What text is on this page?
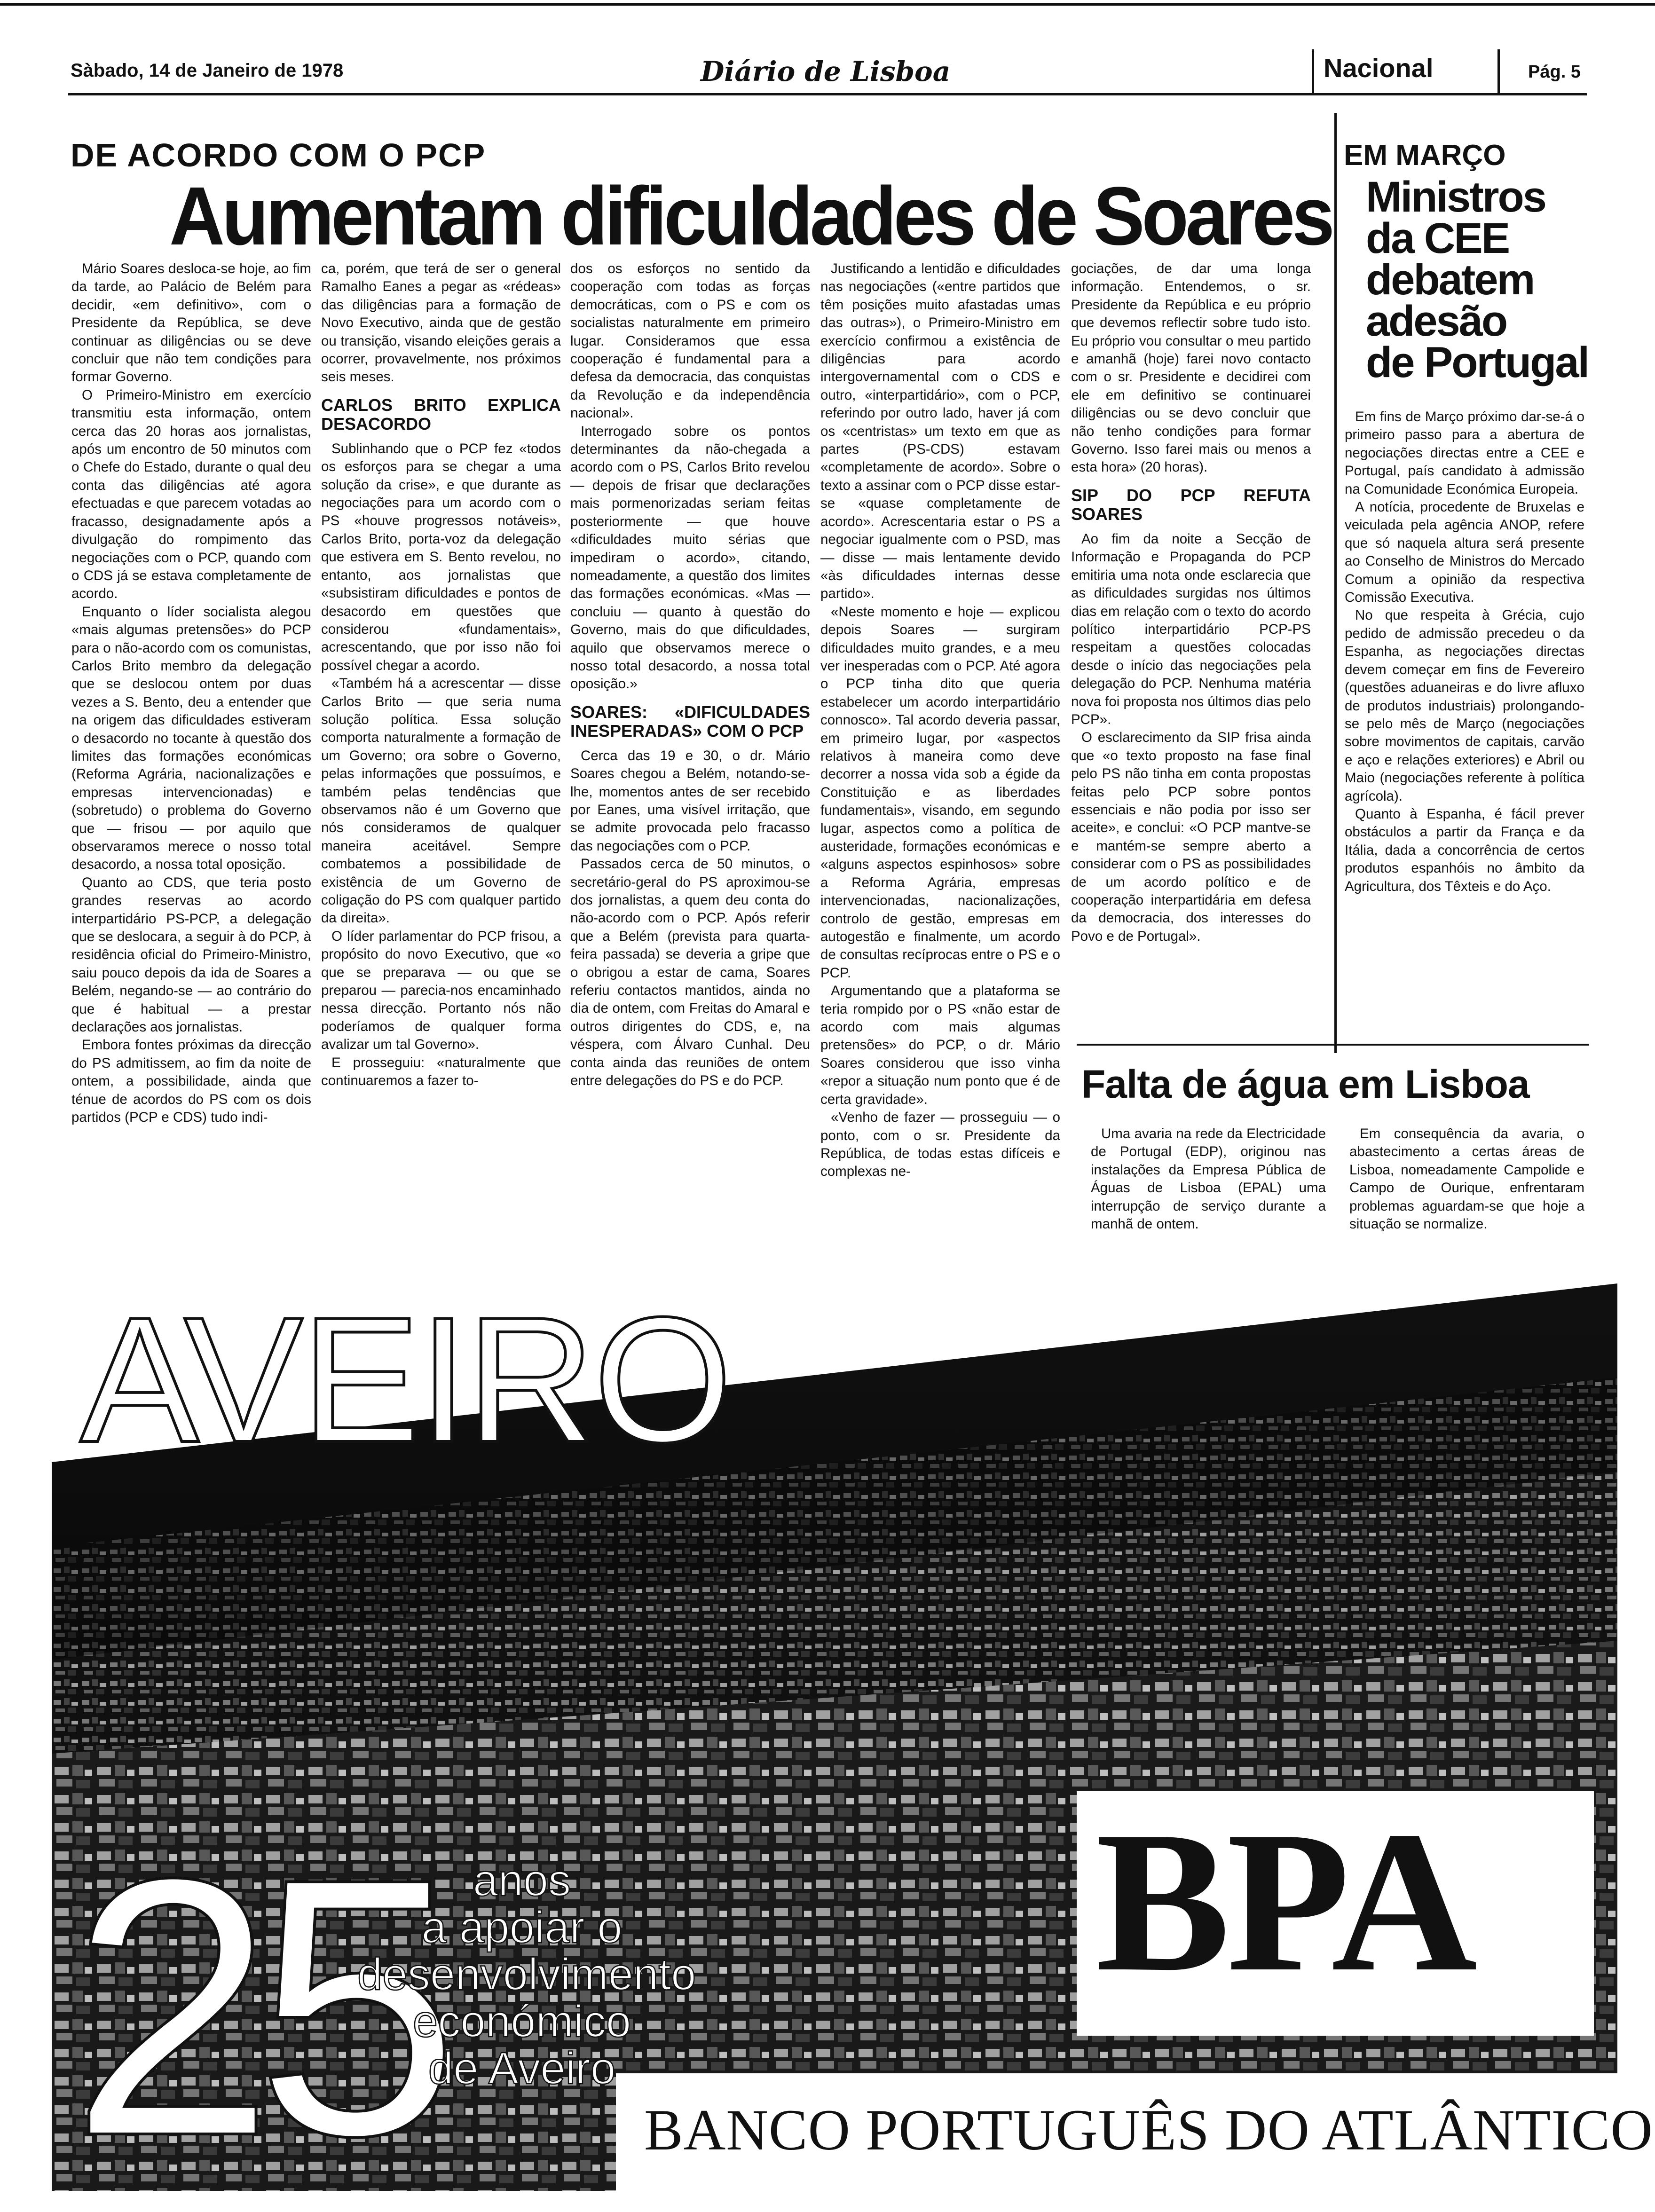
Sàbado, 14 de Janeiro de 1978	Diário de Lisboa	Nacional	Pág. 5
DE ACORDO COM O PCP
Aumentam dificuldades de Soares

Mário Soares desloca-se hoje, ao fim da tarde, ao Palácio de Belém para decidir, «em definitivo», com o Presidente da República, se deve continuar as diligências ou se deve concluir que não tem condições para formar Governo.

O Primeiro-Ministro em exercício transmitiu esta informação, ontem cerca das 20 horas aos jornalistas, após um encontro de 50 minutos com o Chefe do Estado, durante o qual deu conta das diligências até agora efectuadas e que parecem votadas ao fracasso, designadamente após a divulgação do rompimento das negociações com o PCP, quando com o CDS já se estava completamente de acordo.

Enquanto o líder socialista alegou «mais algumas pretensões» do PCP para o não-acordo com os comunistas, Carlos Brito membro da delegação que se deslocou ontem por duas vezes a S. Bento, deu a entender que na origem das dificuldades estiveram o desacordo no tocante à questão dos limites das formações económicas (Reforma Agrária, nacionalizações e empresas intervencionadas) e (sobretudo) o problema do Governo que — frisou — por aquilo que observaramos merece o nosso total desacordo, a nossa total oposição.

Quanto ao CDS, que teria posto grandes reservas ao acordo interpartidário PS-PCP, a delegação que se deslocara, a seguir à do PCP, à residência oficial do Primeiro-Ministro, saiu pouco depois da ida de Soares a Belém, negando-se — ao contrário do que é habitual — a prestar declarações aos jornalistas.

Embora fontes próximas da direcção do PS admitissem, ao fim da noite de ontem, a possibilidade, ainda que ténue de acordos do PS com os dois partidos (PCP e CDS) tudo indi-

ca, porém, que terá de ser o general Ramalho Eanes a pegar as «rédeas» das diligências para a formação de Novo Executivo, ainda que de gestão ou transição, visando eleições gerais a ocorrer, provavelmente, nos próximos seis meses.

CARLOS BRITO EXPLICA DESACORDO

Sublinhando que o PCP fez «todos os esforços para se chegar a uma solução da crise», e que durante as negociações para um acordo com o PS «houve progressos notáveis», Carlos Brito, porta-voz da delegação que estivera em S. Bento revelou, no entanto, aos jornalistas que «subsistiram dificuldades e pontos de desacordo em questões que considerou «fundamentais», acrescentando, que por isso não foi possível chegar a acordo.

«Também há a acrescentar — disse Carlos Brito — que seria numa solução política. Essa solução comporta naturalmente a formação de um Governo; ora sobre o Governo, pelas informações que possuímos, e também pelas tendências que observamos não é um Governo que nós consideramos de qualquer maneira aceitável. Sempre combatemos a possibilidade de existência de um Governo de coligação do PS com qualquer partido da direita».

O líder parlamentar do PCP frisou, a propósito do novo Executivo, que «o que se preparava — ou que se preparou — parecia-nos encaminhado nessa direcção. Portanto nós não poderíamos de qualquer forma avalizar um tal Governo».

E prosseguiu: «naturalmente que continuaremos a fazer to-

dos os esforços no sentido da cooperação com todas as forças democráticas, com o PS e com os socialistas naturalmente em primeiro lugar. Consideramos que essa cooperação é fundamental para a defesa da democracia, das conquistas da Revolução e da independência nacional».

Interrogado sobre os pontos determinantes da não-chegada a acordo com o PS, Carlos Brito revelou — depois de frisar que declarações mais pormenorizadas seriam feitas posteriormente — que houve «dificuldades muito sérias que impediram o acordo», citando, nomeadamente, a questão dos limites das formações económicas. «Mas — concluiu — quanto à questão do Governo, mais do que dificuldades, aquilo que observamos merece o nosso total desacordo, a nossa total oposição.»

SOARES: «DIFICULDADES INESPERADAS» COM O PCP

Cerca das 19 e 30, o dr. Mário Soares chegou a Belém, notando-se-lhe, momentos antes de ser recebido por Eanes, uma visível irritação, que se admite provocada pelo fracasso das negociações com o PCP.

Passados cerca de 50 minutos, o secretário-geral do PS aproximou-se dos jornalistas, a quem deu conta do não-acordo com o PCP. Após referir que a Belém (prevista para quarta-feira passada) se deveria a gripe que o obrigou a estar de cama, Soares referiu contactos mantidos, ainda no dia de ontem, com Freitas do Amaral e outros dirigentes do CDS, e, na véspera, com Álvaro Cunhal. Deu conta ainda das reuniões de ontem entre delegações do PS e do PCP.

Justificando a lentidão e dificuldades nas negociações («entre partidos que têm posições muito afastadas umas das outras»), o Primeiro-Ministro em exercício confirmou a existência de diligências para acordo intergovernamental com o CDS e outro, «interpartidário», com o PCP, referindo por outro lado, haver já com os «centristas» um texto em que as partes (PS-CDS) estavam «completamente de acordo». Sobre o texto a assinar com o PCP disse estar-se «quase completamente de acordo». Acrescentaria estar o PS a negociar igualmente com o PSD, mas — disse — mais lentamente devido «às dificuldades internas desse partido».

«Neste momento e hoje — explicou depois Soares — surgiram dificuldades muito grandes, e a meu ver inesperadas com o PCP. Até agora o PCP tinha dito que queria estabelecer um acordo interpartidário connosco». Tal acordo deveria passar, em primeiro lugar, por «aspectos relativos à maneira como deve decorrer a nossa vida sob a égide da Constituição e as liberdades fundamentais», visando, em segundo lugar, aspectos como a política de austeridade, formações económicas e «alguns aspectos espinhosos» sobre a Reforma Agrária, empresas intervencionadas, nacionalizações, controlo de gestão, empresas em autogestão e finalmente, um acordo de consultas recíprocas entre o PS e o PCP.

Argumentando que a plataforma se teria rompido por o PS «não estar de acordo com mais algumas pretensões» do PCP, o dr. Mário Soares considerou que isso vinha «repor a situação num ponto que é de certa gravidade».

«Venho de fazer — prosseguiu — o ponto, com o sr. Presidente da República, de todas estas difíceis e complexas ne-

gociações, de dar uma longa informação. Entendemos, o sr. Presidente da República e eu próprio que devemos reflectir sobre tudo isto. Eu próprio vou consultar o meu partido e amanhã (hoje) farei novo contacto com o sr. Presidente e decidirei com ele em definitivo se continuarei diligências ou se devo concluir que não tenho condições para formar Governo. Isso farei mais ou menos a esta hora» (20 horas).

SIP DO PCP REFUTA SOARES

Ao fim da noite a Secção de Informação e Propaganda do PCP emitiria uma nota onde esclarecia que as dificuldades surgidas nos últimos dias em relação com o texto do acordo político interpartidário PCP-PS respeitam a questões colocadas desde o início das negociações pela delegação do PCP. Nenhuma matéria nova foi proposta nos últimos dias pelo PCP».

O esclarecimento da SIP frisa ainda que «o texto proposto na fase final pelo PS não tinha em conta propostas feitas pelo PCP sobre pontos essenciais e não podia por isso ser aceite», e conclui: «O PCP mantve-se e mantém-se sempre aberto a considerar com o PS as possibilidades de um acordo político e de cooperação interpartidária em defesa da democracia, dos interesses do Povo e de Portugal».

EM MARÇO
Ministros
da CEE
debatem
adesão
de Portugal

Em fins de Março próximo dar-se-á o primeiro passo para a abertura de negociações directas entre a CEE e Portugal, país candidato à admissão na Comunidade Económica Europeia.

A notícia, procedente de Bruxelas e veiculada pela agência ANOP, refere que só naquela altura será presente ao Conselho de Ministros do Mercado Comum a opinião da respectiva Comissão Executiva.

No que respeita à Grécia, cujo pedido de admissão precedeu o da Espanha, as negociações directas devem começar em fins de Fevereiro (questões aduaneiras e do livre afluxo de produtos industriais) prolongando-se pelo mês de Março (negociações sobre movimentos de capitais, carvão e aço e relações exteriores) e Abril ou Maio (negociações referente à política agrícola).

Quanto à Espanha, é fácil prever obstáculos a partir da França e da Itália, dada a concorrência de certos produtos espanhóis no âmbito da Agricultura, dos Têxteis e do Aço.

Falta de água em Lisboa

Uma avaria na rede da Electricidade de Portugal (EDP), originou nas instalações da Empresa Pública de Águas de Lisboa (EPAL) uma interrupção de serviço durante a manhã de ontem.

Em consequência da avaria, o abastecimento a certas áreas de Lisboa, nomeadamente Campolide e Campo de Ourique, enfrentaram problemas aguardam-se que hoje a situação se normalize.

AVEIRO
25 anos
a apoiar o
desenvolvimento
económico
de Aveiro
BPA
BANCO PORTUGUÊS DO ATLÂNTICO
